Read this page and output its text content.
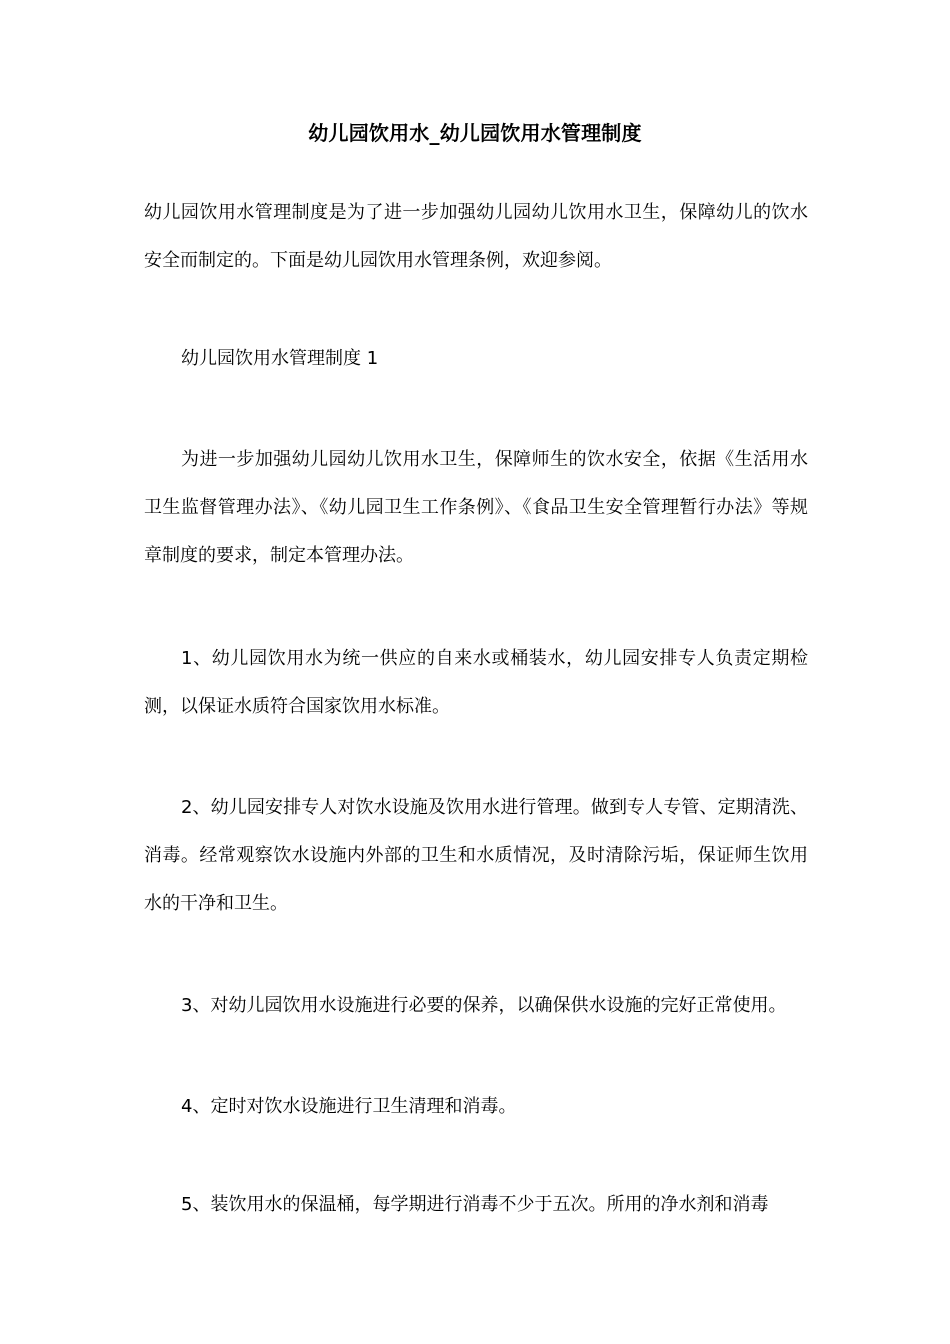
幼儿园饮用水_幼儿园饮用水管理制度

幼儿园饮用水管理制度是为了进一步加强幼儿园幼儿饮用水卫生，保障幼儿的饮水安全而制定的。下面是幼儿园饮用水管理条例，欢迎参阅。

幼儿园饮用水管理制度 1

为进一步加强幼儿园幼儿饮用水卫生，保障师生的饮水安全，依据《生活用水卫生监督管理办法》、《幼儿园卫生工作条例》、《食品卫生安全管理暂行办法》等规章制度的要求，制定本管理办法。

1、幼儿园饮用水为统一供应的自来水或桶装水，幼儿园安排专人负责定期检测，以保证水质符合国家饮用水标准。

2、幼儿园安排专人对饮水设施及饮用水进行管理。做到专人专管、定期清洗、消毒。经常观察饮水设施内外部的卫生和水质情况，及时清除污垢，保证师生饮用水的干净和卫生。

3、对幼儿园饮用水设施进行必要的保养，以确保供水设施的完好正常使用。

4、定时对饮水设施进行卫生清理和消毒。

5、装饮用水的保温桶，每学期进行消毒不少于五次。所用的净水剂和消毒
